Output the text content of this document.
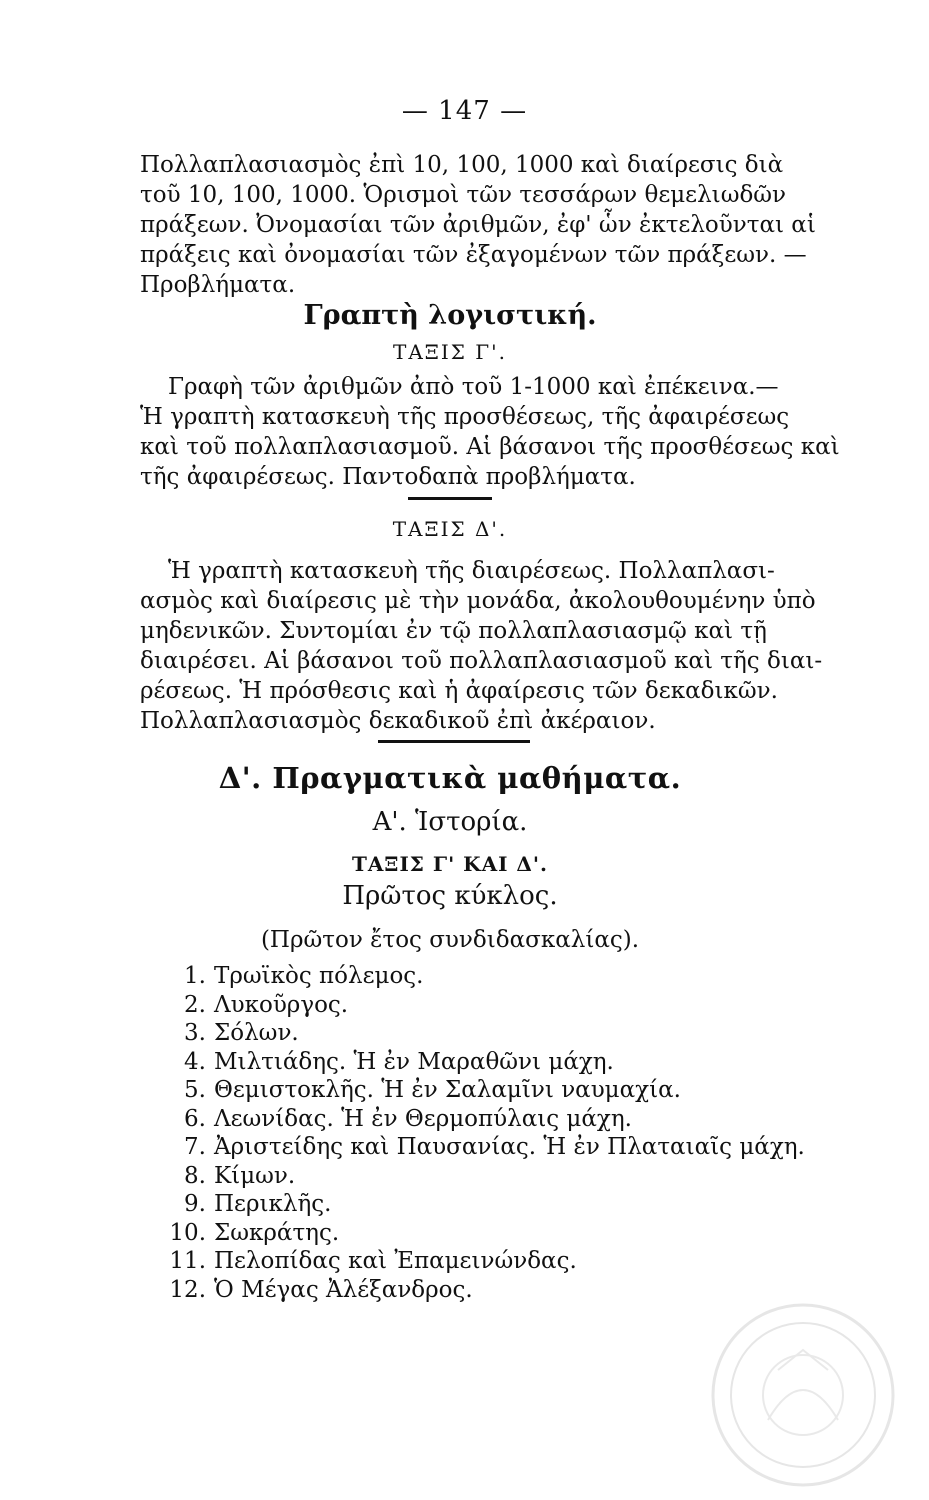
— 147 —
Πολλαπλασιασμὸς ἐπὶ 10, 100, 1000 καὶ διαίρεσις διὰ
τοῦ 10, 100, 1000. Ὁρισμοὶ τῶν τεσσάρων θεμελιωδῶν
πράξεων. Ὀνομασίαι τῶν ἀριθμῶν, ἐφ' ὧν ἐκτελοῦνται αἱ
πράξεις καὶ ὀνομασίαι τῶν ἐξαγομένων τῶν πράξεων. —
Προβλήματα.
Γραπτὴ λογιστική.
ΤΑΞΙΣ Γ'.
Γραφὴ τῶν ἀριθμῶν ἀπὸ τοῦ 1-1000 καὶ ἐπέκεινα.—
Ἡ γραπτὴ κατασκευὴ τῆς προσθέσεως, τῆς ἀφαιρέσεως
καὶ τοῦ πολλαπλασιασμοῦ. Αἱ βάσανοι τῆς προσθέσεως καὶ
τῆς ἀφαιρέσεως. Παντοδαπὰ προβλήματα.
ΤΑΞΙΣ Δ'.
Ἡ γραπτὴ κατασκευὴ τῆς διαιρέσεως. Πολλαπλασι-
ασμὸς καὶ διαίρεσις μὲ τὴν μονάδα, ἀκολουθουμένην ὑπὸ
μηδενικῶν. Συντομίαι ἐν τῷ πολλαπλασιασμῷ καὶ τῇ
διαιρέσει. Αἱ βάσανοι τοῦ πολλαπλασιασμοῦ καὶ τῆς διαι-
ρέσεως. Ἡ πρόσθεσις καὶ ἡ ἀφαίρεσις τῶν δεκαδικῶν.
Πολλαπλασιασμὸς δεκαδικοῦ ἐπὶ ἀκέραιον.
Δ'. Πραγματικὰ μαθήματα.
Α'. Ἱστορία.
ΤΑΞΙΣ Γ' ΚΑΙ Δ'.
Πρῶτος κύκλος.
(Πρῶτον ἔτος συνδιδασκαλίας).
1. Τρωϊκὸς πόλεμος.
2. Λυκοῦργος.
3. Σόλων.
4. Μιλτιάδης. Ἡ ἐν Μαραθῶνι μάχη.
5. Θεμιστοκλῆς. Ἡ ἐν Σαλαμῖνι ναυμαχία.
6. Λεωνίδας. Ἡ ἐν Θερμοπύλαις μάχη.
7. Ἀριστείδης καὶ Παυσανίας. Ἡ ἐν Πλαταιαῖς μάχη.
8. Κίμων.
9. Περικλῆς.
10. Σωκράτης.
11. Πελοπίδας καὶ Ἐπαμεινώνδας.
12. Ὁ Μέγας Ἀλέξανδρος.
